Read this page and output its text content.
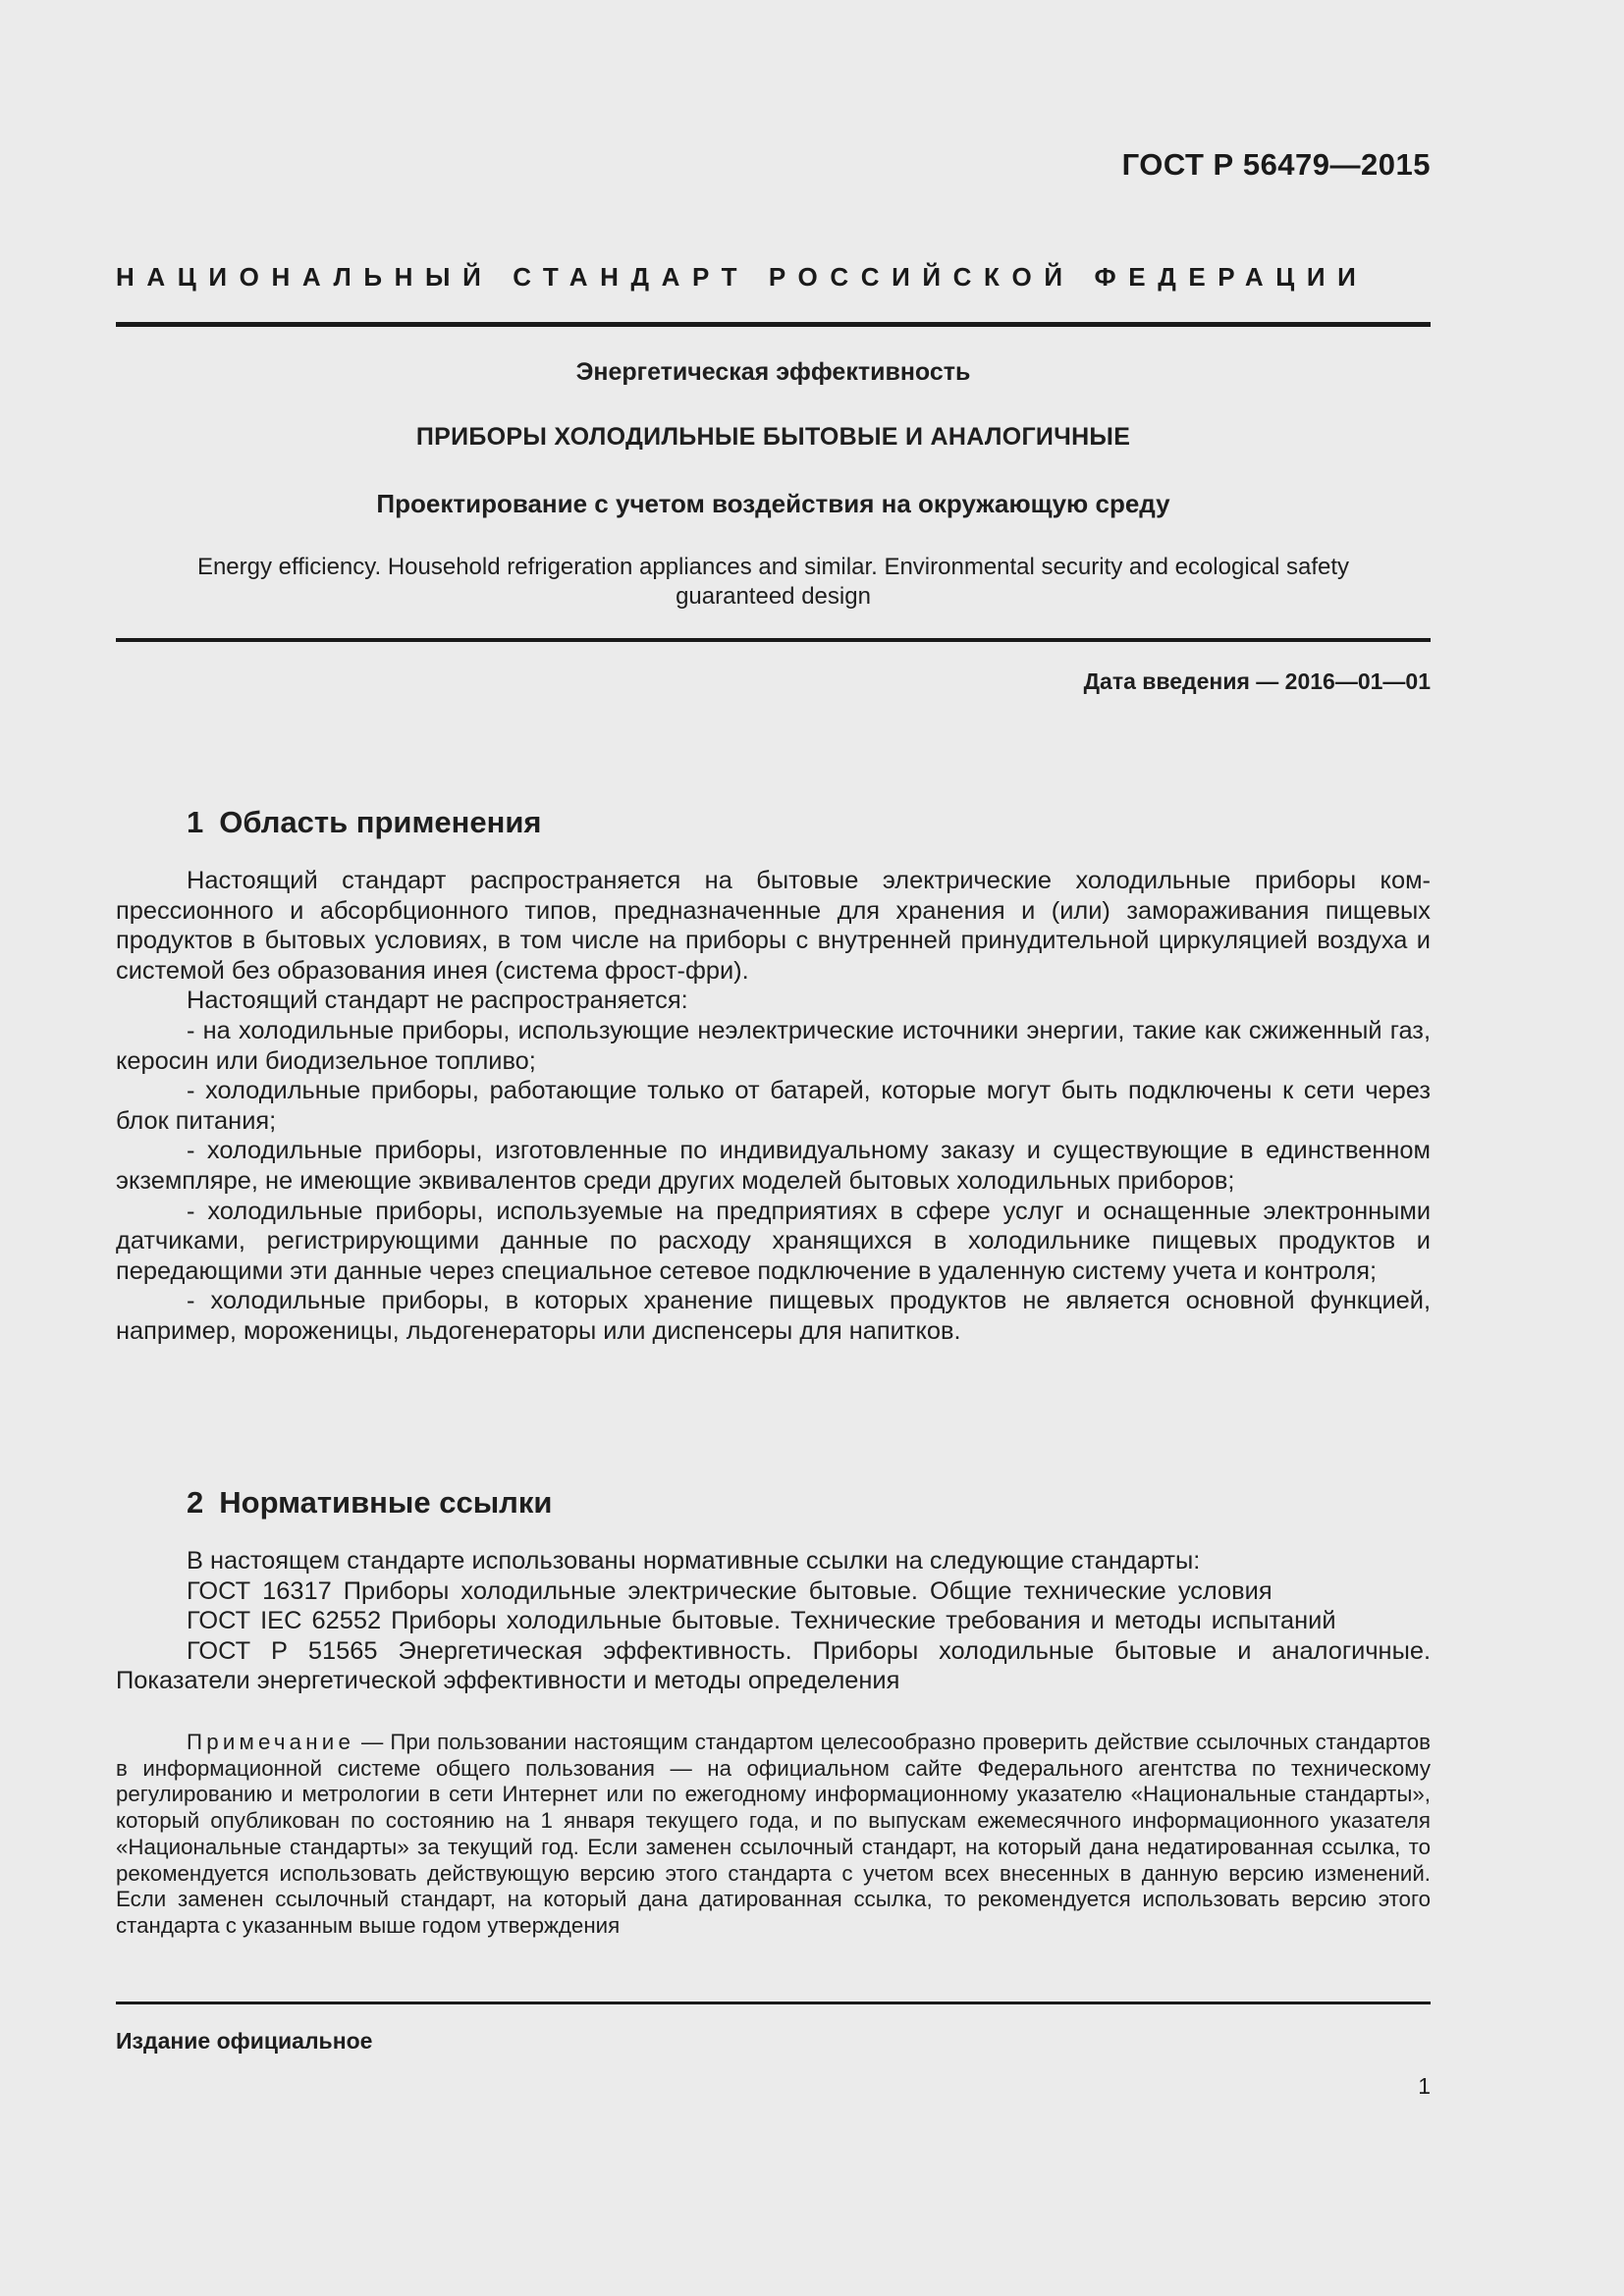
ГОСТ Р 56479—2015
НАЦИОНАЛЬНЫЙ СТАНДАРТ РОССИЙСКОЙ ФЕДЕРАЦИИ
Энергетическая эффективность
ПРИБОРЫ ХОЛОДИЛЬНЫЕ БЫТОВЫЕ И АНАЛОГИЧНЫЕ
Проектирование с учетом воздействия на окружающую среду
Energy efficiency. Household refrigeration appliances and similar. Environmental security and ecological safety guaranteed design
Дата введения — 2016—01—01
1 Область применения

Настоящий стандарт распространяется на бытовые электрические холодильные приборы компрессионного и абсорбционного типов, предназначенные для хранения и (или) замораживания пищевых продуктов в бытовых условиях, в том числе на приборы с внутренней принудительной циркуляцией воздуха и системой без образования инея (система фрост-фри).

Настоящий стандарт не распространяется:

- на холодильные приборы, использующие неэлектрические источники энергии, такие как сжиженный газ, керосин или биодизельное топливо;

- холодильные приборы, работающие только от батарей, которые могут быть подключены к сети через блок питания;

- холодильные приборы, изготовленные по индивидуальному заказу и существующие в единственном экземпляре, не имеющие эквивалентов среди других моделей бытовых холодильных приборов;

- холодильные приборы, используемые на предприятиях в сфере услуг и оснащенные электронными датчиками, регистрирующими данные по расходу хранящихся в холодильнике пищевых продуктов и передающими эти данные через специальное сетевое подключение в удаленную систему учета и контроля;

- холодильные приборы, в которых хранение пищевых продуктов не является основной функцией, например, мороженицы, льдогенераторы или диспенсеры для напитков.

2 Нормативные ссылки

В настоящем стандарте использованы нормативные ссылки на следующие стандарты:

ГОСТ 16317 Приборы холодильные электрические бытовые. Общие технические условия

ГОСТ IEC 62552 Приборы холодильные бытовые. Технические требования и методы испытаний

ГОСТ Р 51565 Энергетическая эффективность. Приборы холодильные бытовые и аналогичные. Показатели энергетической эффективности и методы определения

Примечание — При пользовании настоящим стандартом целесообразно проверить действие ссылочных стандартов в информационной системе общего пользования — на официальном сайте Федерального агентства по техническому регулированию и метрологии в сети Интернет или по ежегодному информационному указателю «Национальные стандарты», который опубликован по состоянию на 1 января текущего года, и по выпускам ежемесячного информационного указателя «Национальные стандарты» за текущий год. Если заменен ссылочный стандарт, на который дана недатированная ссылка, то рекомендуется использовать действующую версию этого стандарта с учетом всех внесенных в данную версию изменений. Если заменен ссылочный стандарт, на который дана датированная ссылка, то рекомендуется использовать версию этого стандарта с указанным выше годом утверждения

Издание официальное
1
